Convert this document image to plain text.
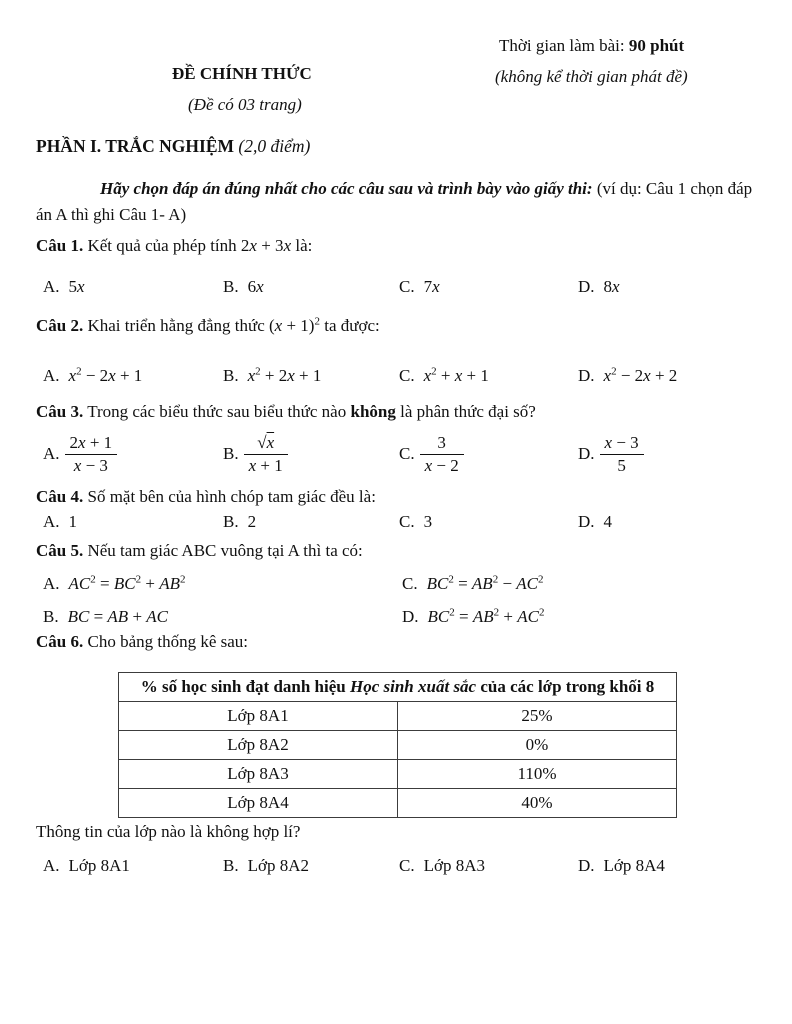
Thời gian làm bài: 90 phút
ĐỀ CHÍNH THỨC	(không kể thời gian phát đề)
(Đề có 03 trang)

PHẦN I. TRẮC NGHIỆM (2,0 điểm)

Hãy chọn đáp án đúng nhất cho các câu sau và trình bày vào giấy thi: (ví dụ: Câu 1 chọn đáp án A thì ghi Câu 1- A)

Câu 1. Kết quả của phép tính 2x + 3x là:

A. 5x	B. 6x	C. 7x	D. 8x

Câu 2. Khai triển hằng đẳng thức $(x + 1)^2$ ta được:

A. $x^2 - 2x + 1$	B. $x^2 + 2x + 1$	C. $x^2 + x + 1$	D. $x^2 - 2x + 2$

Câu 3. Trong các biểu thức sau biểu thức nào không là phân thức đại số?

A. $\frac{2x + 1}{x - 3}$	B. $\frac{√x}{x + 1}$	C. $\frac{3}{x - 2}$	D. $\frac{x - 3}{5}$

Câu 4. Số mặt bên của hình chóp tam giác đều là:

A. 1	B. 2	C. 3	D. 4

Câu 5. Nếu tam giác ABC vuông tại A thì ta có:

A. $AC^2 = BC^2 + AB^2$	C. $BC^2 = AB^2 - AC^2$
B. BC = AB + AC	D. $BC^2 = AB^2 + AC^2$

Câu 6. Cho bảng thống kê sau:

% số học sinh đạt danh hiệu Học sinh xuất sắc của các lớp trong khối 8	
Lớp 8A1	25%
Lớp 8A2	0%
Lớp 8A3	110%
Lớp 8A4	40%

Thông tin của lớp nào là không hợp lí?

A. Lớp 8A1	B. Lớp 8A2	C. Lớp 8A3	D. Lớp 8A4
